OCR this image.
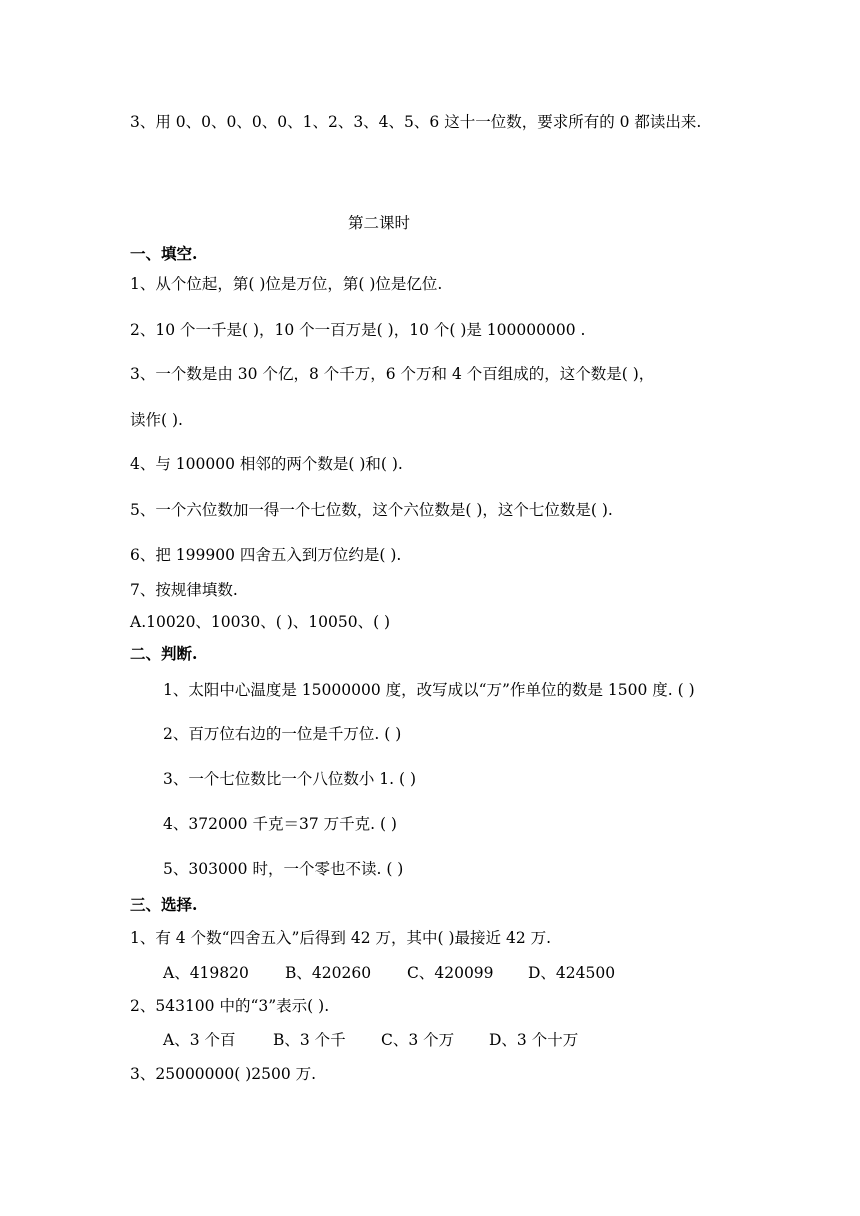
3、用 0、0、0、0、0、1、2、3、4、5、6 这十一位数，要求所有的 0 都读出来.
第二课时
一、填空.
1、从个位起，第( )位是万位，第( )位是亿位.
2、10 个一千是( )，10 个一百万是( )，10 个( )是 100000000 .
3、一个数是由 30 个亿，8 个千万，6 个万和 4 个百组成的，这个数是( )，
读作( ).
4、与 100000 相邻的两个数是( )和( ).
5、一个六位数加一得一个七位数，这个六位数是( )，这个七位数是( ).
6、把 199900 四舍五入到万位约是( ).
7、按规律填数.
A.10020、10030、( )、10050、( )
二、判断.
1、太阳中心温度是 15000000 度，改写成以“万”作单位的数是 1500 度. ( )
2、百万位右边的一位是千万位. ( )
3、一个七位数比一个八位数小 1. ( )
4、372000 千克＝37 万千克. ( )
5、303000 时，一个零也不读. ( )
三、选择.
1、有 4 个数“四舍五入”后得到 42 万，其中( )最接近 42 万.
A、419820 B、420260 C、420099 D、424500
2、543100 中的“3”表示( ).
A、3 个百 B、3 个千 C、3 个万 D、3 个十万
3、25000000( )2500 万.
